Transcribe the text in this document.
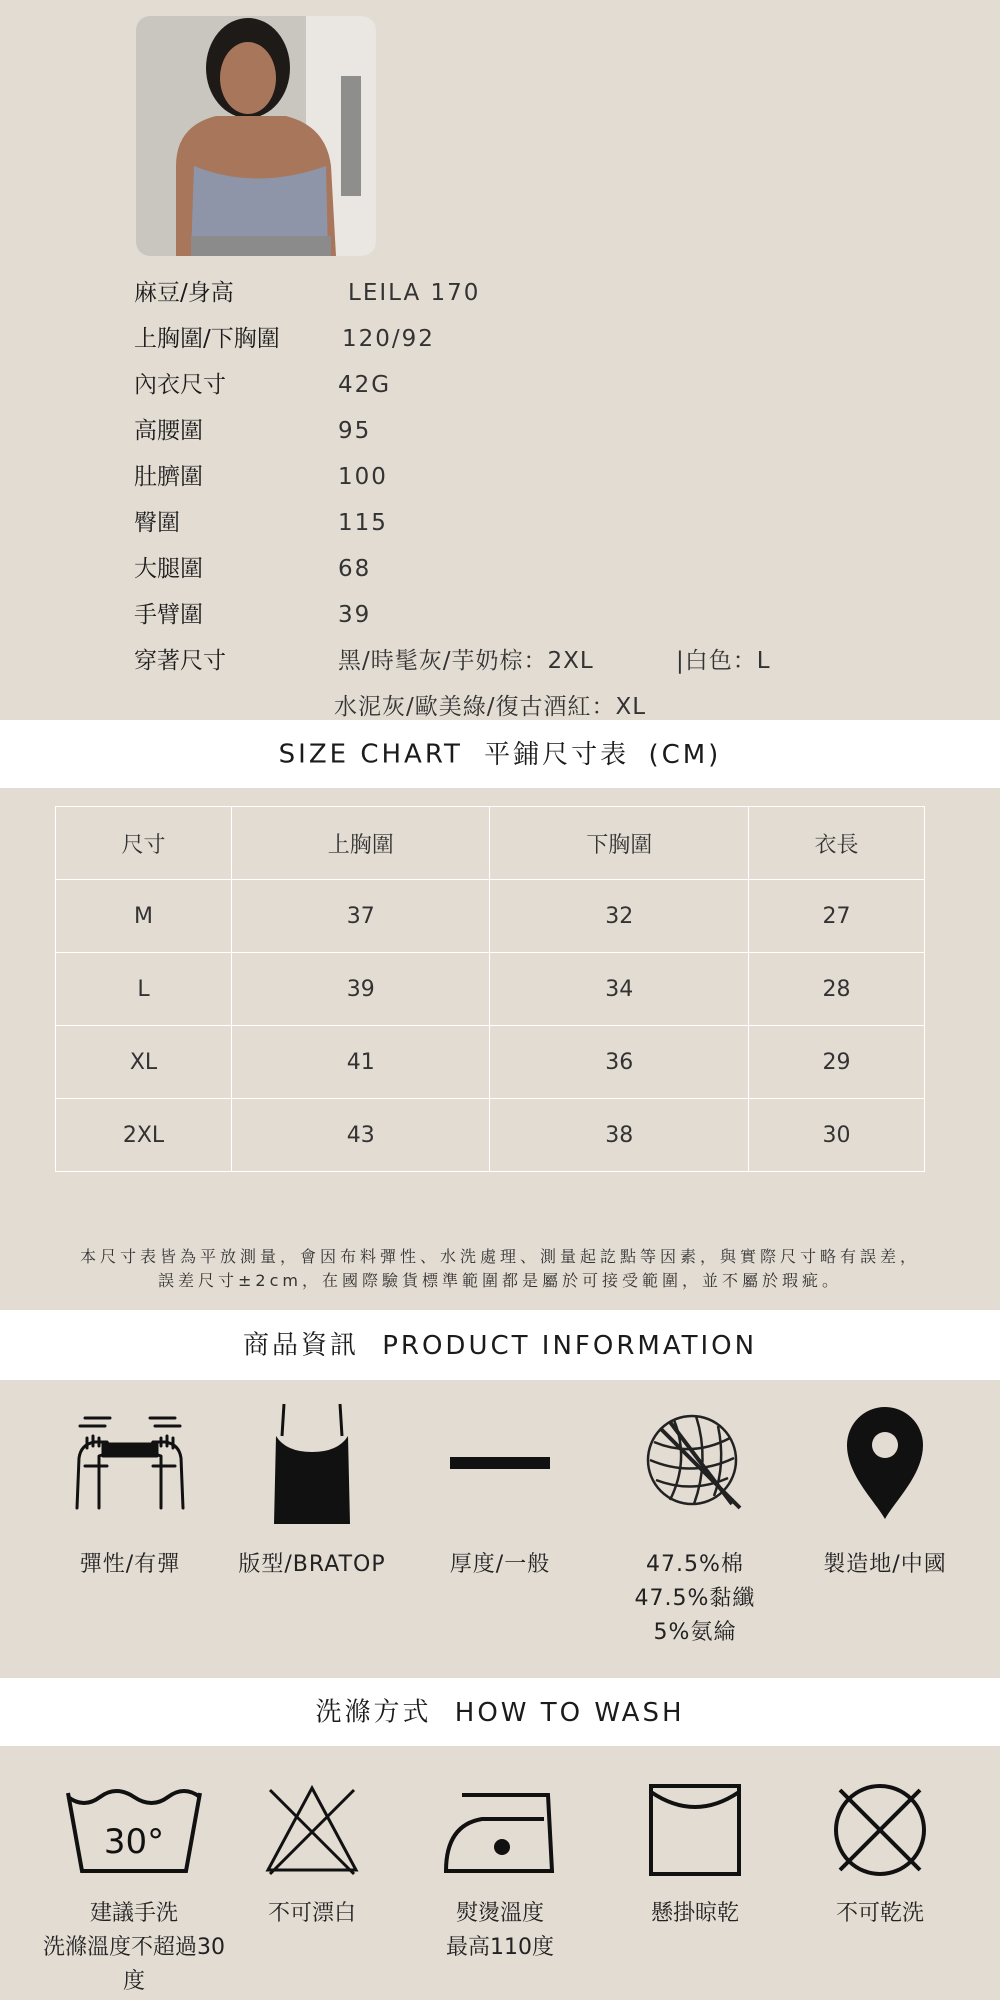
麻豆/身高	LEILA 170
上胸圍/下胸圍	120/92
內衣尺寸	42G
高腰圍	95
肚臍圍	100
臀圍	115
大腿圍	68
手臂圍	39
穿著尺寸	黑/時髦灰/芋奶棕：2XL	|白色：L
水泥灰/歐美綠/復古酒紅：XL
SIZE CHART 平鋪尺寸表 (CM)
尺寸	上胸圍	下胸圍	衣長
M	37	32	27
L	39	34	28
XL	41	36	29
2XL	43	38	30
本尺寸表皆為平放測量，會因布料彈性、水洗處理、測量起訖點等因素，與實際尺寸略有誤差，
誤差尺寸±2cm，在國際驗貨標準範圍都是屬於可接受範圍，並不屬於瑕疵。
商品資訊 PRODUCT INFORMATION
彈性/有彈	版型/BRATOP	厚度/一般	47.5%棉
47.5%黏纖
5%氨綸
製造地/中國
洗滌方式 HOW TO WASH
30°
建議手洗
洗滌溫度不超過30度
不可漂白	熨燙溫度
最高110度
懸掛晾乾	不可乾洗
